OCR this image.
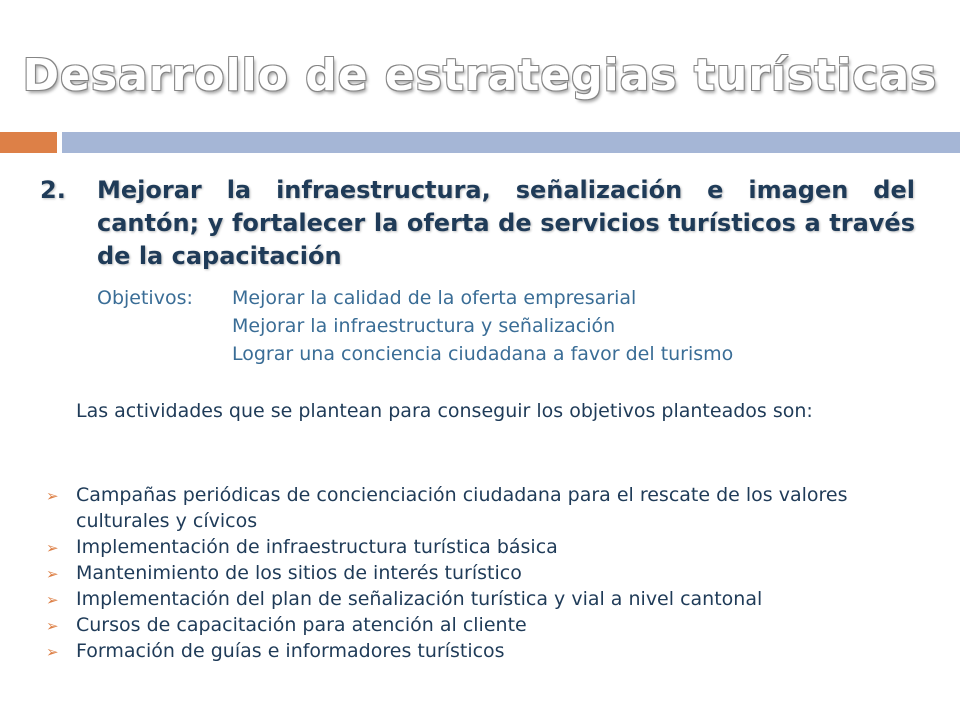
Desarrollo de estrategias turísticas
2.	Mejorar la infraestructura, señalización e imagen del cantón; y fortalecer la oferta de servicios turísticos a través de la capacitación
Objetivos: Mejorar la calidad de la oferta empresarial
Mejorar la infraestructura y señalización
Lograr una conciencia ciudadana a favor del turismo
Las actividades que se plantean para conseguir los objetivos planteados son:
➢ Campañas periódicas de concienciación ciudadana para el rescate de los valores culturales y cívicos
➢ Implementación de infraestructura turística básica
➢ Mantenimiento de los sitios de interés turístico
➢ Implementación del plan de señalización turística y vial a nivel cantonal
➢ Cursos de capacitación para atención al cliente
➢ Formación de guías e informadores turísticos
